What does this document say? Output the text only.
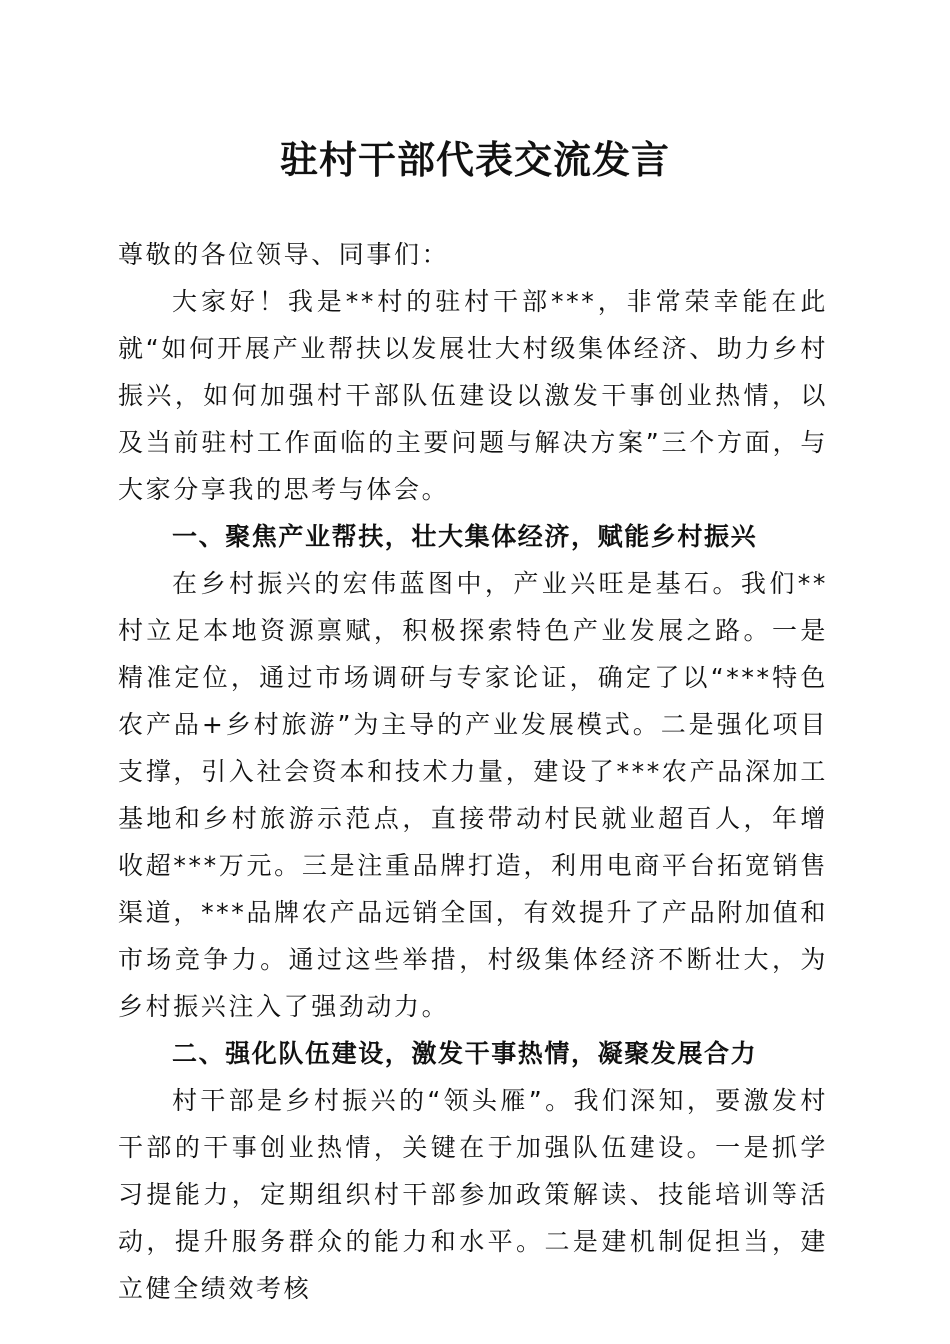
驻村干部代表交流发言

尊敬的各位领导、同事们：

大家好！我是**村的驻村干部***，非常荣幸能在此就“如何开展产业帮扶以发展壮大村级集体经济、助力乡村振兴，如何加强村干部队伍建设以激发干事创业热情，以及当前驻村工作面临的主要问题与解决方案”三个方面，与大家分享我的思考与体会。

一、聚焦产业帮扶，壮大集体经济，赋能乡村振兴

在乡村振兴的宏伟蓝图中，产业兴旺是基石。我们**村立足本地资源禀赋，积极探索特色产业发展之路。一是精准定位，通过市场调研与专家论证，确定了以“***特色农产品+乡村旅游”为主导的产业发展模式。二是强化项目支撑，引入社会资本和技术力量，建设了***农产品深加工基地和乡村旅游示范点，直接带动村民就业超百人，年增收超***万元。三是注重品牌打造，利用电商平台拓宽销售渠道，***品牌农产品远销全国，有效提升了产品附加值和市场竞争力。通过这些举措，村级集体经济不断壮大，为乡村振兴注入了强劲动力。

二、强化队伍建设，激发干事热情，凝聚发展合力

村干部是乡村振兴的“领头雁”。我们深知，要激发村干部的干事创业热情，关键在于加强队伍建设。一是抓学习提能力，定期组织村干部参加政策解读、技能培训等活动，提升服务群众的能力和水平。二是建机制促担当，建立健全绩效考核
